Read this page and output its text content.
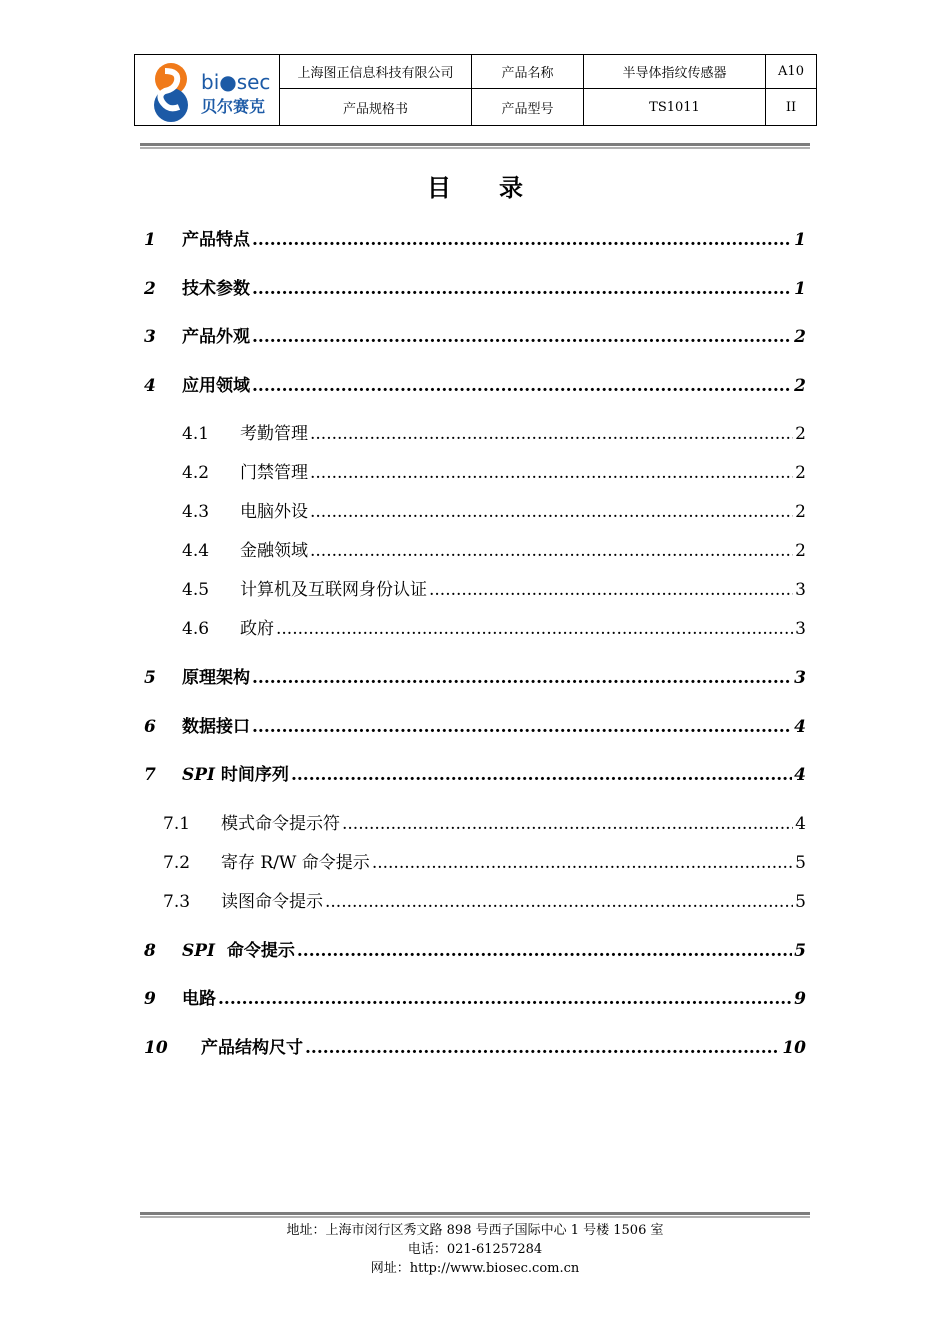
bi●sec
贝尔赛克	上海图正信息科技有限公司	产品名称	半导体指纹传感器	A10
	产品规格书	产品型号	TS1011	II
目录
1	产品特点 .....	1
2	技术参数 .....	1
3	产品外观 .....	2
4	应用领域 .....	2
4.1	考勤管理 .....	2
4.2	门禁管理 .....	2
4.3	电脑外设 .....	2
4.4	金融领域 .....	2
4.5	计算机及互联网身份认证 .....	3
4.6	政府 .....	3
5	原理架构 .....	3
6	数据接口 .....	4
7	SPI 时间序列 .....	4
7.1	模式命令提示符 .....	4
7.2	寄存 R/W 命令提示 .....	5
7.3	读图命令提示 .....	5
8	SPI 命令提示 .....	5
9	电路 .....	9
10	产品结构尺寸 .....	10
地址：上海市闵行区秀文路 898 号西子国际中心 1 号楼 1506 室
电话：021-61257284
网址：http://www.biosec.com.cn
